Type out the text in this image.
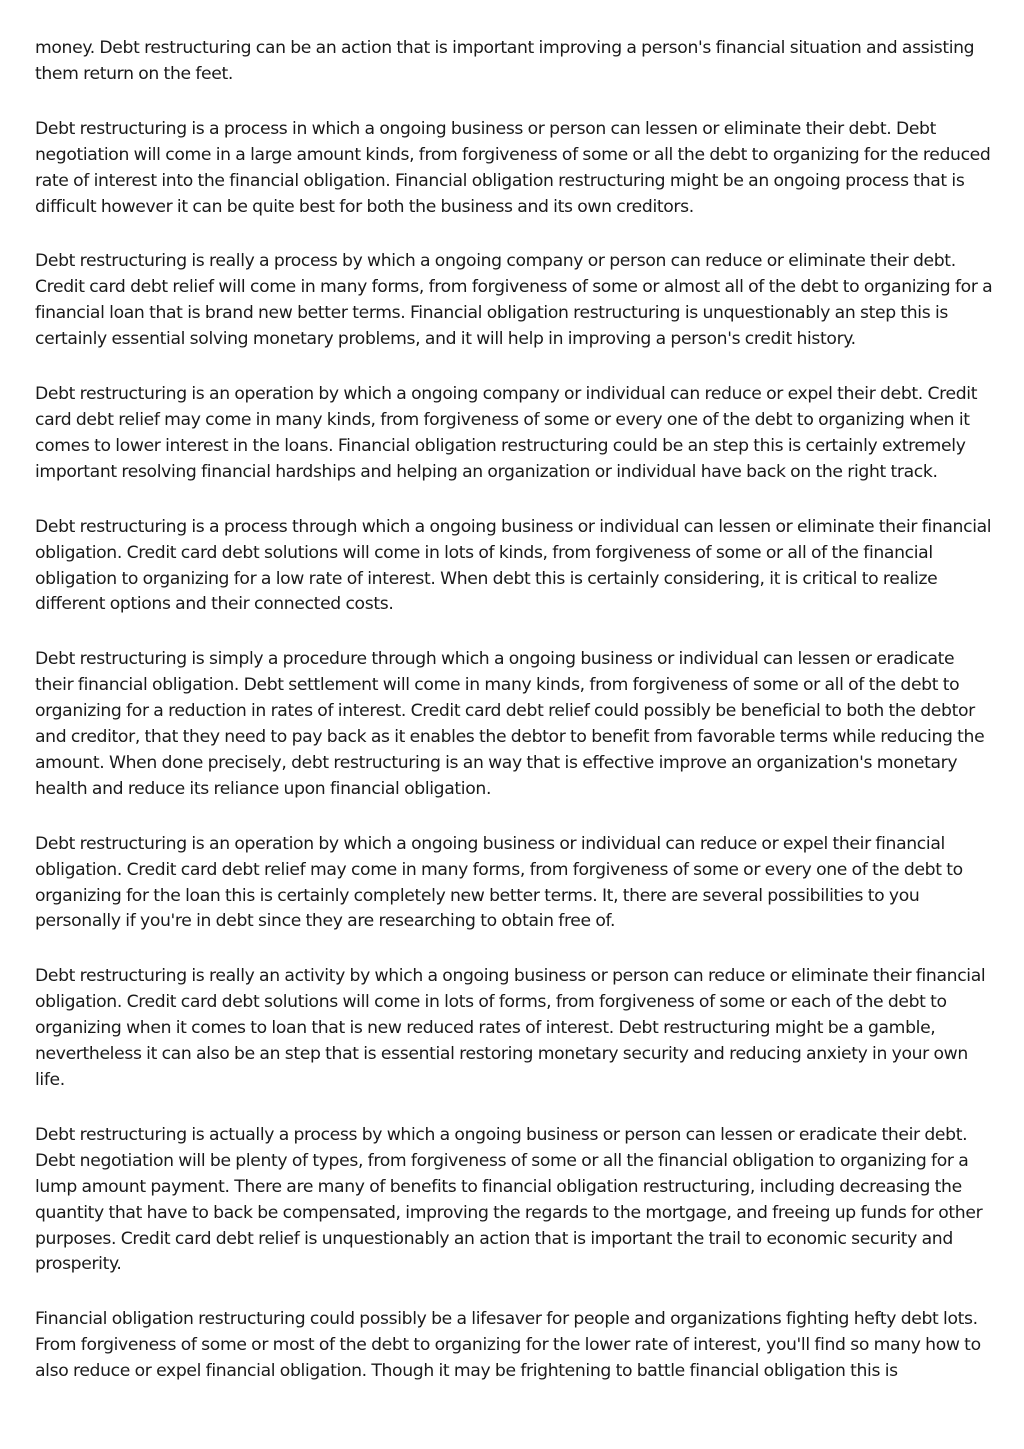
money. Debt restructuring can be an action that is important improving a person's financial situation and assisting them return on the feet.

Debt restructuring is a process in which a ongoing business or person can lessen or eliminate their debt. Debt negotiation will come in a large amount kinds, from forgiveness of some or all the debt to organizing for the reduced rate of interest into the financial obligation. Financial obligation restructuring might be an ongoing process that is difficult however it can be quite best for both the business and its own creditors.

Debt restructuring is really a process by which a ongoing company or person can reduce or eliminate their debt. Credit card debt relief will come in many forms, from forgiveness of some or almost all of the debt to organizing for a financial loan that is brand new better terms. Financial obligation restructuring is unquestionably an step this is certainly essential solving monetary problems, and it will help in improving a person's credit history.

Debt restructuring is an operation by which a ongoing company or individual can reduce or expel their debt. Credit card debt relief may come in many kinds, from forgiveness of some or every one of the debt to organizing when it comes to lower interest in the loans. Financial obligation restructuring could be an step this is certainly extremely important resolving financial hardships and helping an organization or individual have back on the right track.

Debt restructuring is a process through which a ongoing business or individual can lessen or eliminate their financial obligation. Credit card debt solutions will come in lots of kinds, from forgiveness of some or all of the financial obligation to organizing for a low rate of interest. When debt this is certainly considering, it is critical to realize different options and their connected costs.

Debt restructuring is simply a procedure through which a ongoing business or individual can lessen or eradicate their financial obligation. Debt settlement will come in many kinds, from forgiveness of some or all of the debt to organizing for a reduction in rates of interest. Credit card debt relief could possibly be beneficial to both the debtor and creditor, that they need to pay back as it enables the debtor to benefit from favorable terms while reducing the amount. When done precisely, debt restructuring is an way that is effective improve an organization's monetary health and reduce its reliance upon financial obligation.

Debt restructuring is an operation by which a ongoing business or individual can reduce or expel their financial obligation. Credit card debt relief may come in many forms, from forgiveness of some or every one of the debt to organizing for the loan this is certainly completely new better terms. It, there are several possibilities to you personally if you're in debt since they are researching to obtain free of.

Debt restructuring is really an activity by which a ongoing business or person can reduce or eliminate their financial obligation. Credit card debt solutions will come in lots of forms, from forgiveness of some or each of the debt to organizing when it comes to loan that is new reduced rates of interest. Debt restructuring might be a gamble, nevertheless it can also be an step that is essential restoring monetary security and reducing anxiety in your own life.

Debt restructuring is actually a process by which a ongoing business or person can lessen or eradicate their debt. Debt negotiation will be plenty of types, from forgiveness of some or all the financial obligation to organizing for a lump amount payment. There are many of benefits to financial obligation restructuring, including decreasing the quantity that have to back be compensated, improving the regards to the mortgage, and freeing up funds for other purposes. Credit card debt relief is unquestionably an action that is important the trail to economic security and prosperity.

Financial obligation restructuring could possibly be a lifesaver for people and organizations fighting hefty debt lots. From forgiveness of some or most of the debt to organizing for the lower rate of interest, you'll find so many how to also reduce or expel financial obligation. Though it may be frightening to battle financial obligation this is
